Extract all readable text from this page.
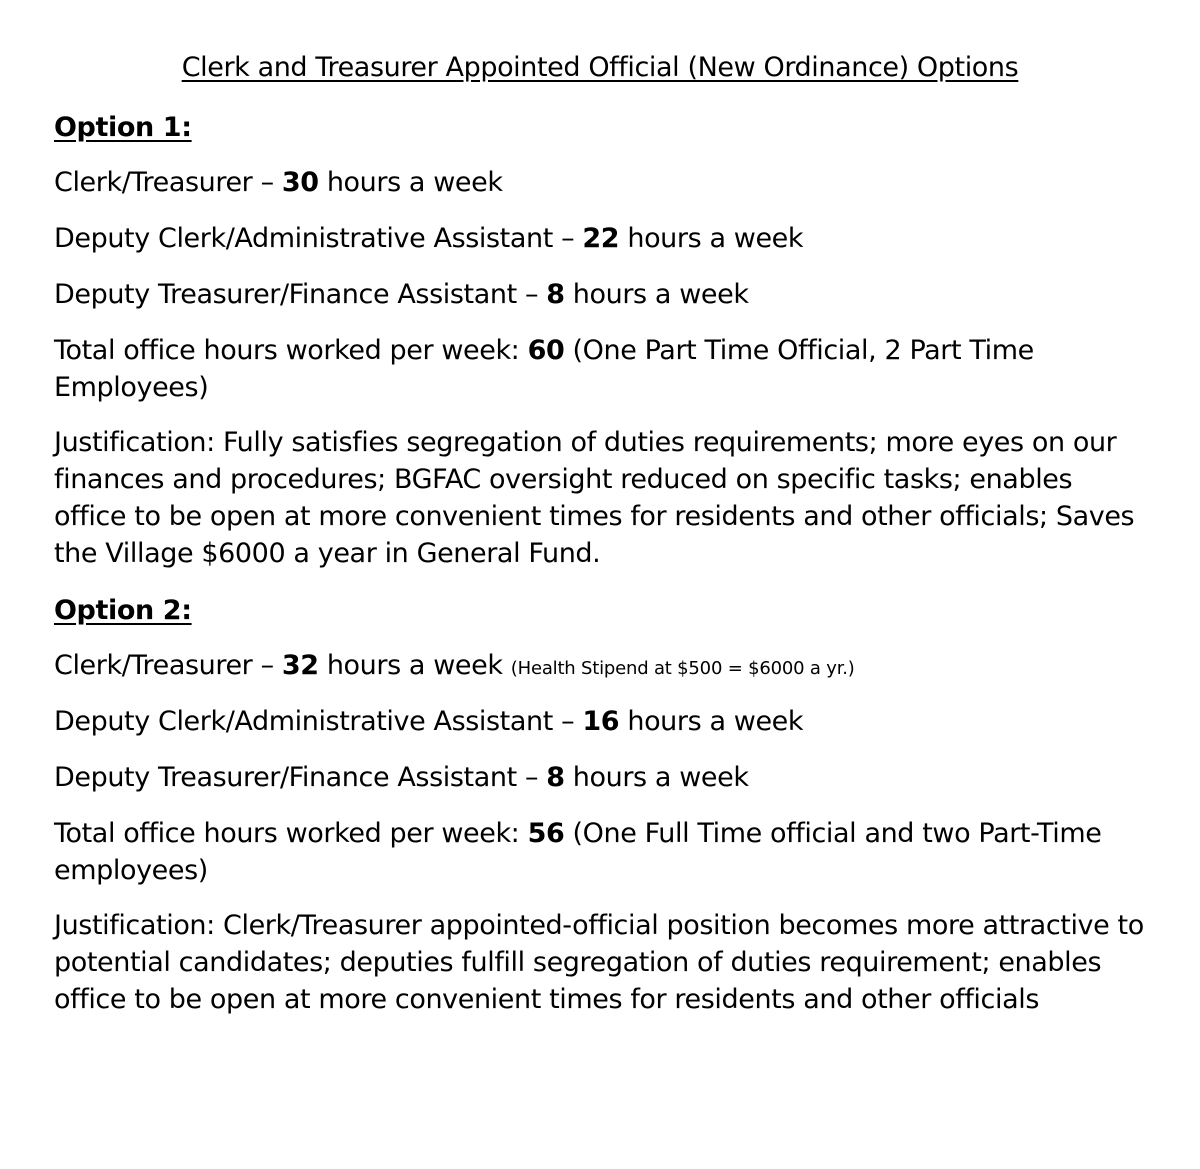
Clerk and Treasurer Appointed Official (New Ordinance) Options
Option 1:
Clerk/Treasurer – 30 hours a week
Deputy Clerk/Administrative Assistant – 22 hours a week
Deputy Treasurer/Finance Assistant – 8 hours a week
Total office hours worked per week: 60 (One Part Time Official, 2 Part Time Employees)
Justification: Fully satisfies segregation of duties requirements; more eyes on our finances and procedures; BGFAC oversight reduced on specific tasks; enables office to be open at more convenient times for residents and other officials; Saves the Village $6000 a year in General Fund.
Option 2:
Clerk/Treasurer – 32 hours a week (Health Stipend at $500 = $6000 a yr.)
Deputy Clerk/Administrative Assistant – 16 hours a week
Deputy Treasurer/Finance Assistant – 8 hours a week
Total office hours worked per week: 56 (One Full Time official and two Part-Time employees)
Justification: Clerk/Treasurer appointed-official position becomes more attractive to potential candidates; deputies fulfill segregation of duties requirement; enables office to be open at more convenient times for residents and other officials
